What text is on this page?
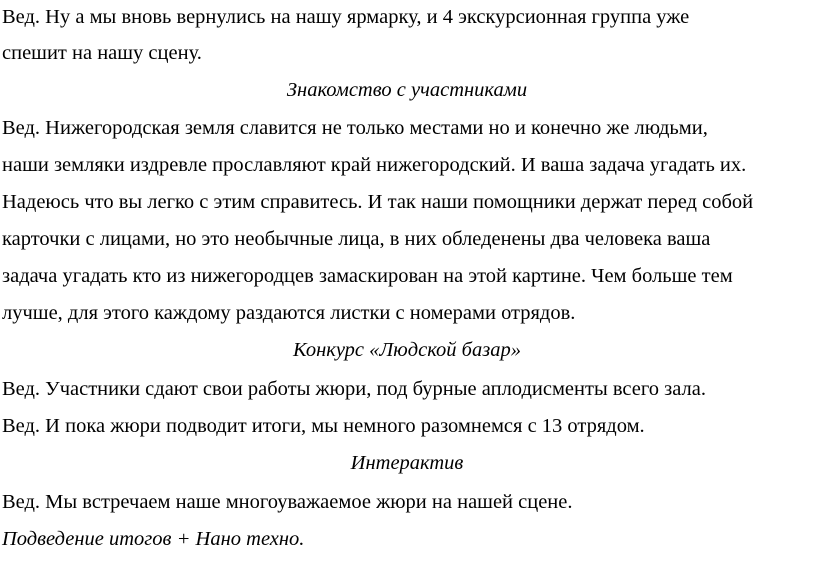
Вед. Ну а мы вновь вернулись на нашу ярмарку, и 4 экскурсионная группа уже
спешит на нашу сцену.
Знакомство с участниками
Вед. Нижегородская земля славится не только местами но и конечно же людьми,
наши земляки издревле прославляют край нижегородский. И ваша задача угадать их.
Надеюсь что вы легко с этим справитесь. И так наши помощники держат перед собой
карточки с лицами, но это необычные лица, в них обледенены два человека ваша
задача угадать кто из нижегородцев замаскирован на этой картине. Чем больше тем
лучше, для этого каждому раздаются листки с номерами отрядов.
Конкурс «Людской базар»
Вед. Участники сдают свои работы жюри, под бурные аплодисменты всего зала.
Вед. И пока жюри подводит итоги, мы немного разомнемся с 13 отрядом.
Интерактив
Вед. Мы встречаем наше многоуважаемое жюри на нашей сцене.
Подведение итогов + Нано техно.
